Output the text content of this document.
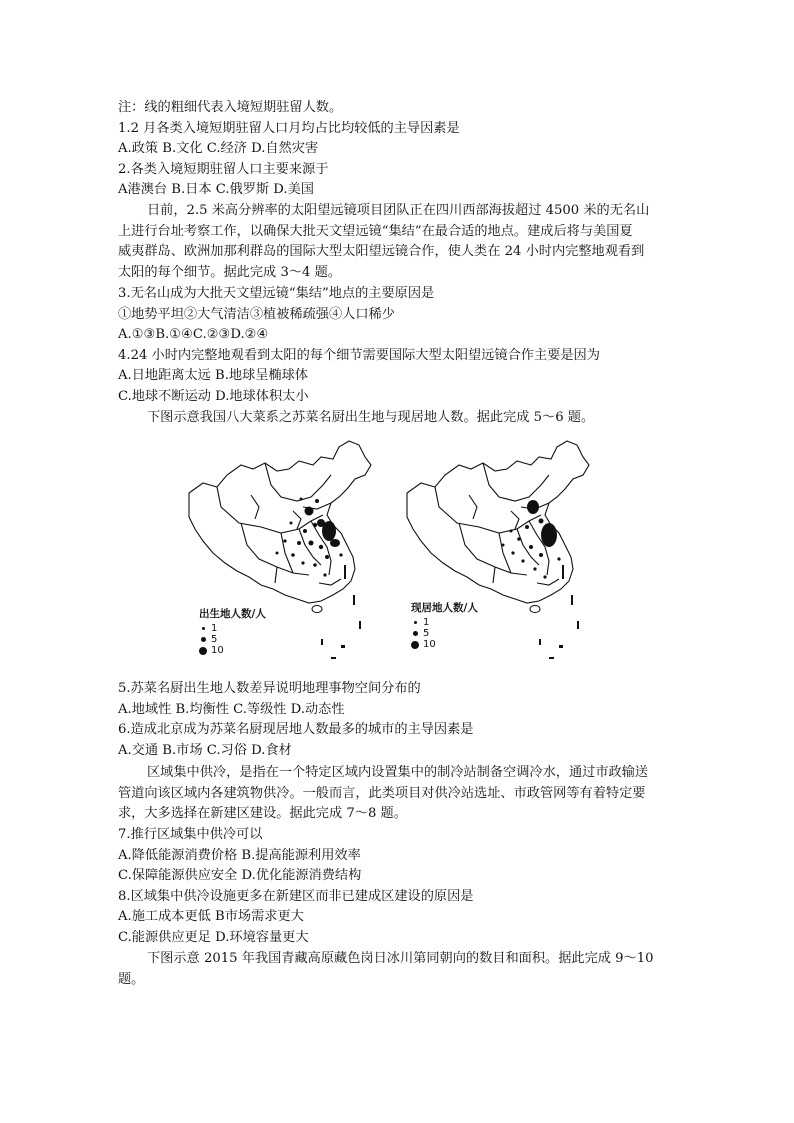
注：线的粗细代表入境短期驻留人数。
1.2 月各类入境短期驻留人口月均占比均较低的主导因素是
A.政策 B.文化 C.经济 D.自然灾害
2.各类入境短期驻留人口主要来源于
A港澳台 B.日本 C.俄罗斯 D.美国
日前，2.5 米高分辨率的太阳望远镜项目团队正在四川西部海拔超过 4500 米的无名山
上进行台址考察工作，以确保大批天文望远镜“集结”在最合适的地点。建成后将与美国夏
威夷群岛、欧洲加那利群岛的国际大型太阳望远镜合作，使人类在 24 小时内完整地观看到
太阳的每个细节。据此完成 3～4 题。
3.无名山成为大批天文望远镜“集结”地点的主要原因是
①地势平坦②大气清洁③植被稀疏强④人口稀少
A.①③B.①④C.②③D.②④
4.24 小时内完整地观看到太阳的每个细节需要国际大型太阳望远镜合作主要是因为
A.日地距离太远 B.地球呈椭球体
C.地球不断运动 D.地球体积太小
下图示意我国八大菜系之苏菜名厨出生地与现居地人数。据此完成 5～6 题。
出生地人数/人
1
5
10
现居地人数/人
1
5
10
5.苏菜名厨出生地人数差异说明地理事物空间分布的
A.地域性 B.均衡性 C.等级性 D.动态性
6.造成北京成为苏菜名厨现居地人数最多的城市的主导因素是
A.交通 B.市场 C.习俗 D.食材
区域集中供冷，是指在一个特定区域内设置集中的制冷站制备空调冷水，通过市政输送
管道向该区域内各建筑物供冷。一般而言，此类项目对供冷站选址、市政管网等有着特定要
求，大多选择在新建区建设。据此完成 7～8 题。
7.推行区域集中供冷可以
A.降低能源消费价格 B.提高能源利用效率
C.保障能源供应安全 D.优化能源消费结构
8.区域集中供冷设施更多在新建区而非已建成区建设的原因是
A.施工成本更低 B市场需求更大
C.能源供应更足 D.环境容量更大
下图示意 2015 年我国青藏高原藏色岗日冰川第同朝向的数目和面积。据此完成 9～10
题。
